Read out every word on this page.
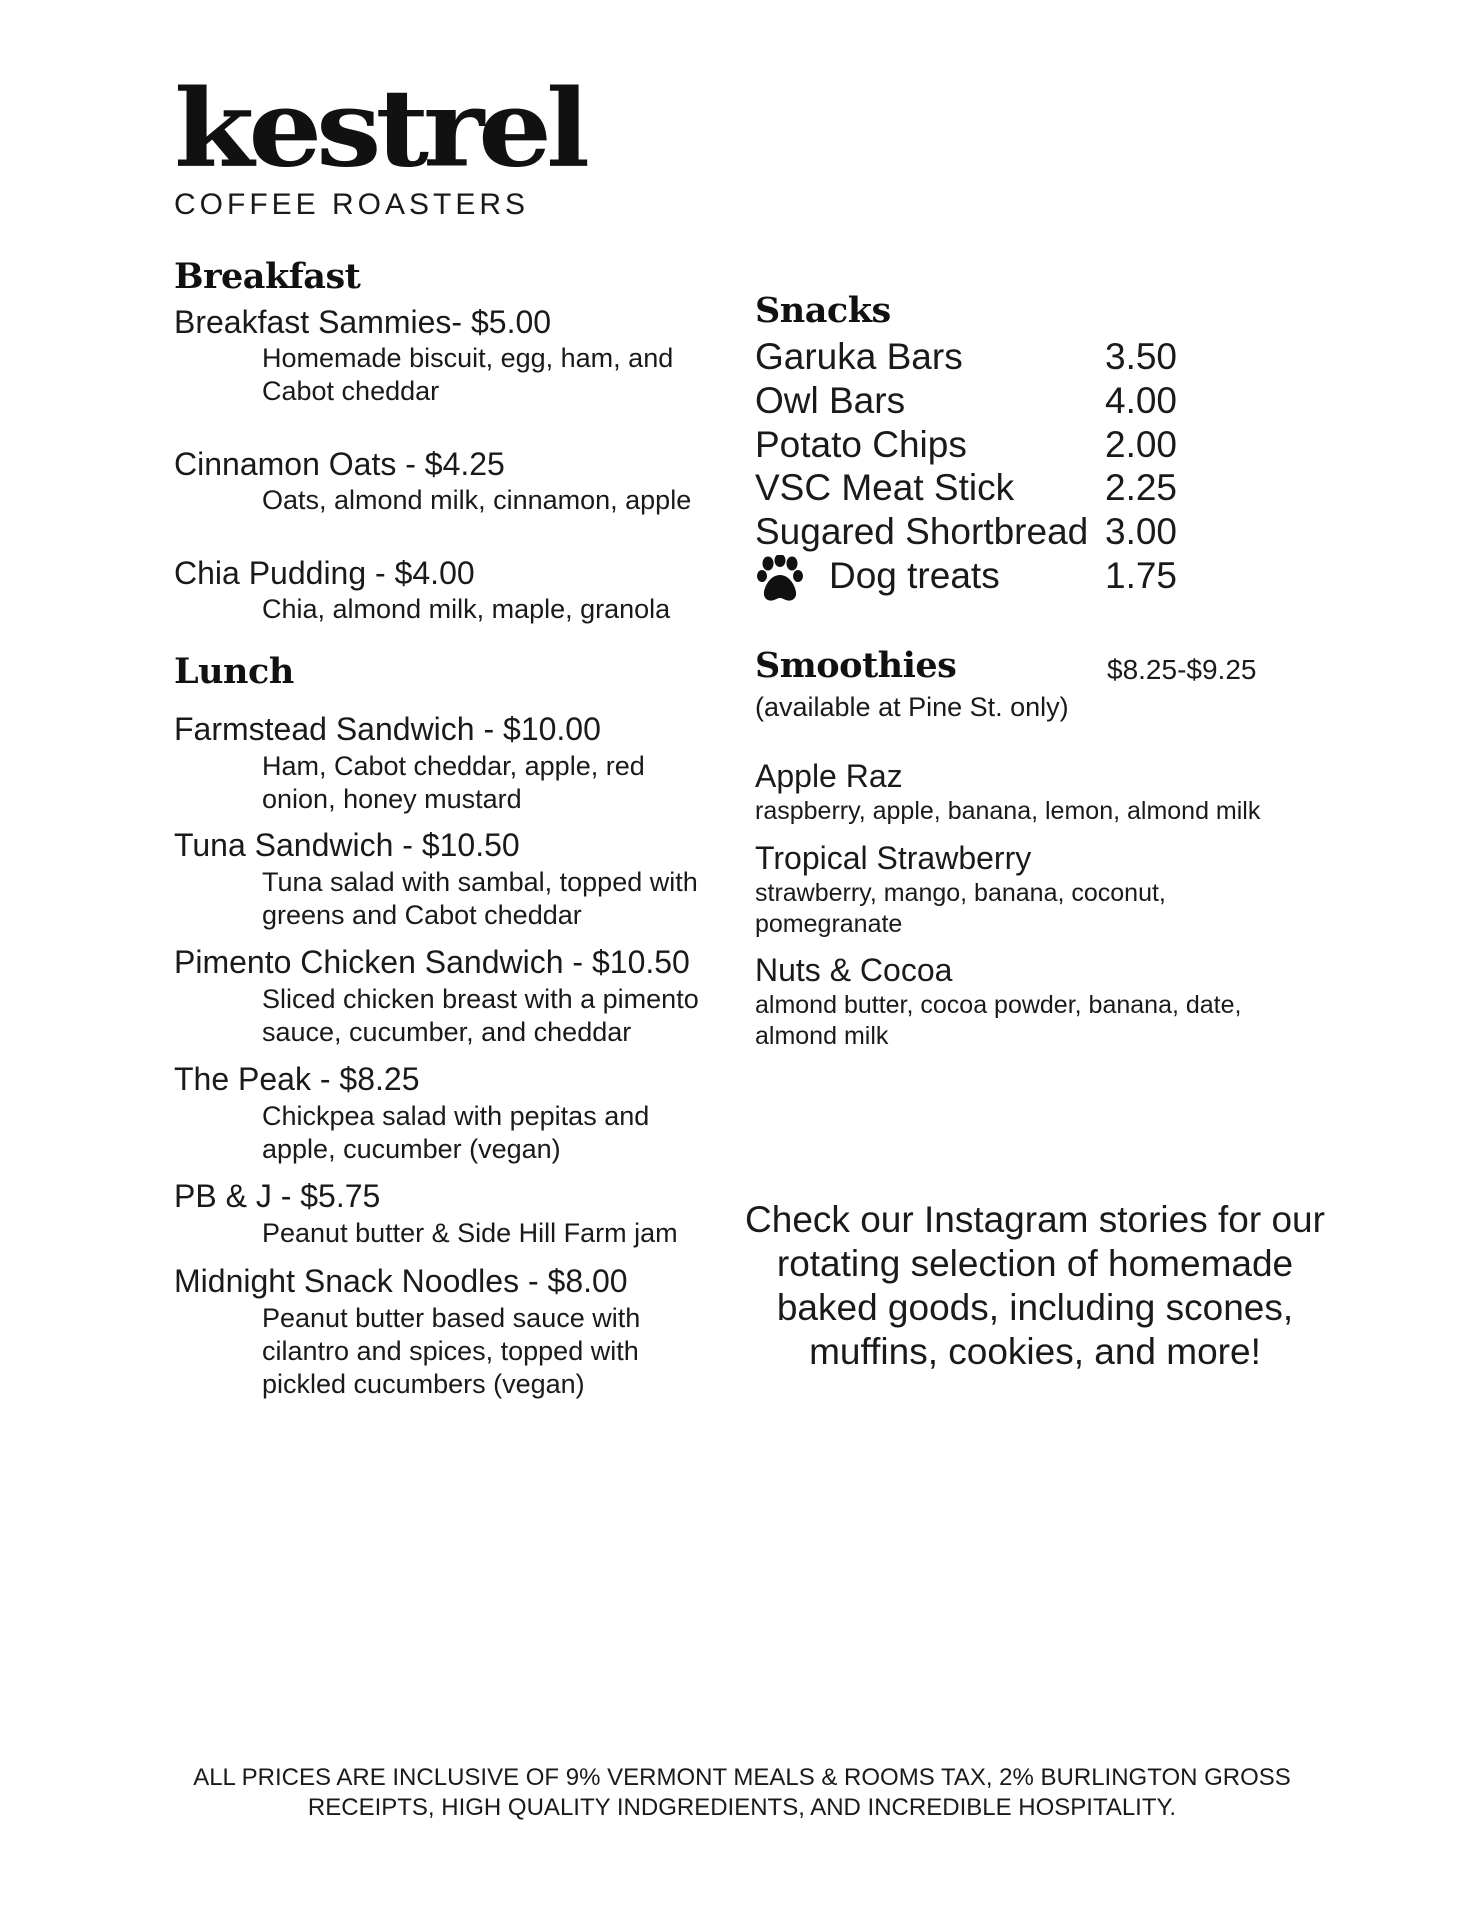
kestrel
COFFEE ROASTERS
Breakfast
Breakfast Sammies- $5.00
Homemade biscuit, egg, ham, and Cabot cheddar
Cinnamon Oats - $4.25
Oats, almond milk, cinnamon, apple
Chia Pudding - $4.00
Chia, almond milk, maple, granola
Lunch
Farmstead Sandwich - $10.00
Ham, Cabot cheddar, apple, red onion, honey mustard
Tuna Sandwich - $10.50
Tuna salad with sambal, topped with greens and Cabot cheddar
Pimento Chicken Sandwich - $10.50
Sliced chicken breast with a pimento sauce, cucumber, and cheddar
The Peak - $8.25
Chickpea salad with pepitas and apple, cucumber (vegan)
PB & J - $5.75
Peanut butter & Side Hill Farm jam
Midnight Snack Noodles - $8.00
Peanut butter based sauce with cilantro and spices, topped with pickled cucumbers (vegan)
Snacks
Garuka Bars	3.50
Owl Bars	4.00
Potato Chips	2.00
VSC Meat Stick 2.25
Sugared Shortbread 3.00
Dog treats	1.75
Smoothies	$8.25-$9.25
(available at Pine St. only)
Apple Raz
raspberry, apple, banana, lemon, almond milk
Tropical Strawberry
strawberry, mango, banana, coconut, pomegranate
Nuts & Cocoa
almond butter, cocoa powder, banana, date, almond milk
Check our Instagram stories for our rotating selection of homemade baked goods, including scones, muffins, cookies, and more!
ALL PRICES ARE INCLUSIVE OF 9% VERMONT MEALS & ROOMS TAX, 2% BURLINGTON GROSS RECEIPTS, HIGH QUALITY INDGREDIENTS, AND INCREDIBLE HOSPITALITY.
